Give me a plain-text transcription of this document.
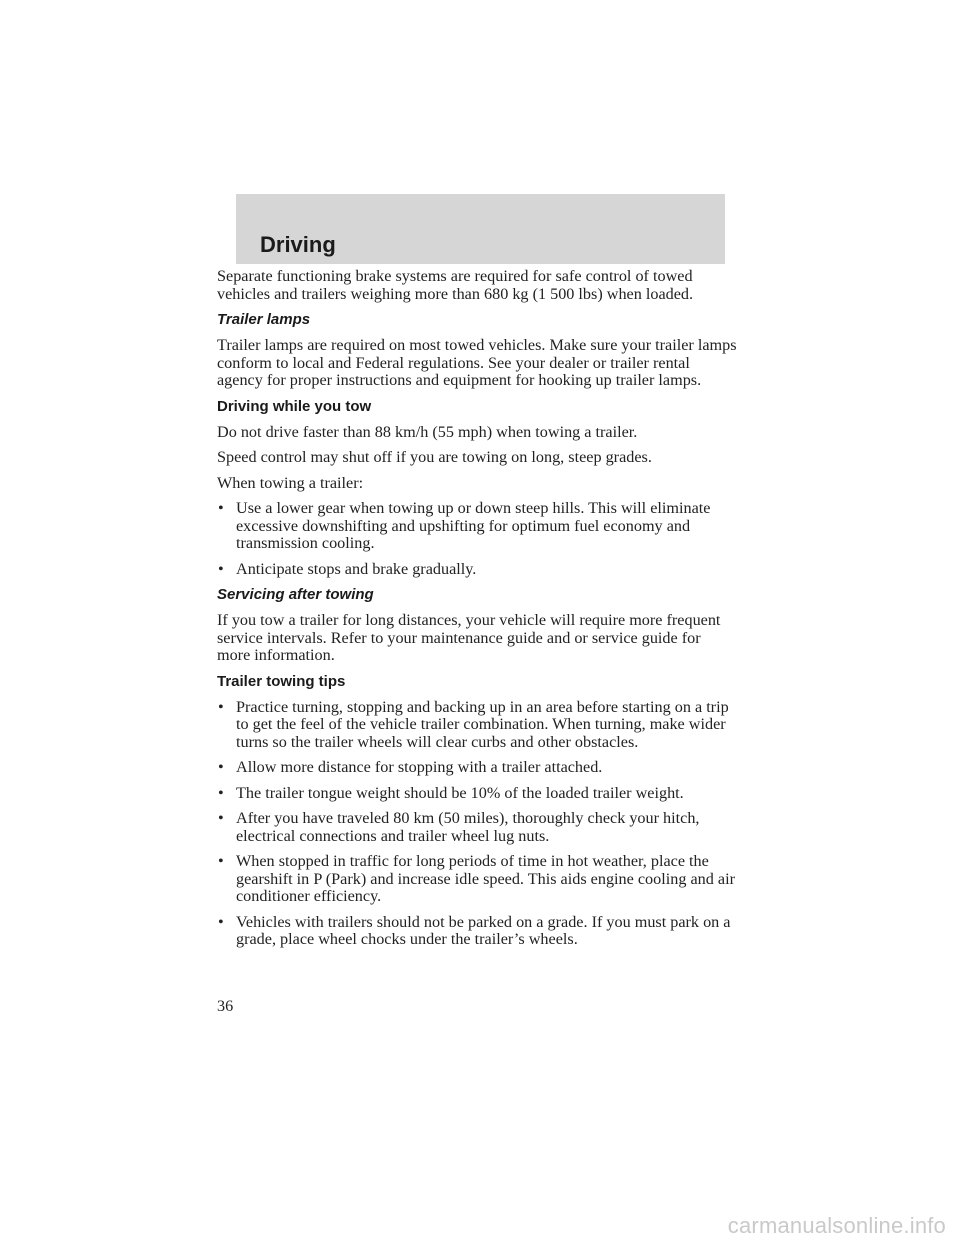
Driving

Separate functioning brake systems are required for safe control of towed vehicles and trailers weighing more than 680 kg (1 500 lbs) when loaded.

Trailer lamps

Trailer lamps are required on most towed vehicles. Make sure your trailer lamps conform to local and Federal regulations. See your dealer or trailer rental agency for proper instructions and equipment for hooking up trailer lamps.

Driving while you tow

Do not drive faster than 88 km/h (55 mph) when towing a trailer.

Speed control may shut off if you are towing on long, steep grades.

When towing a trailer:

• Use a lower gear when towing up or down steep hills. This will eliminate excessive downshifting and upshifting for optimum fuel economy and transmission cooling.
• Anticipate stops and brake gradually.
Servicing after towing

If you tow a trailer for long distances, your vehicle will require more frequent service intervals. Refer to your maintenance guide and or service guide for more information.

Trailer towing tips
• Practice turning, stopping and backing up in an area before starting on a trip to get the feel of the vehicle trailer combination. When turning, make wider turns so the trailer wheels will clear curbs and other obstacles.
• Allow more distance for stopping with a trailer attached.
• The trailer tongue weight should be 10% of the loaded trailer weight.
• After you have traveled 80 km (50 miles), thoroughly check your hitch, electrical connections and trailer wheel lug nuts.
• When stopped in traffic for long periods of time in hot weather, place the gearshift in P (Park) and increase idle speed. This aids engine cooling and air conditioner efficiency.
• Vehicles with trailers should not be parked on a grade. If you must park on a grade, place wheel chocks under the trailer’s wheels.
36
carmanualsonline.info
